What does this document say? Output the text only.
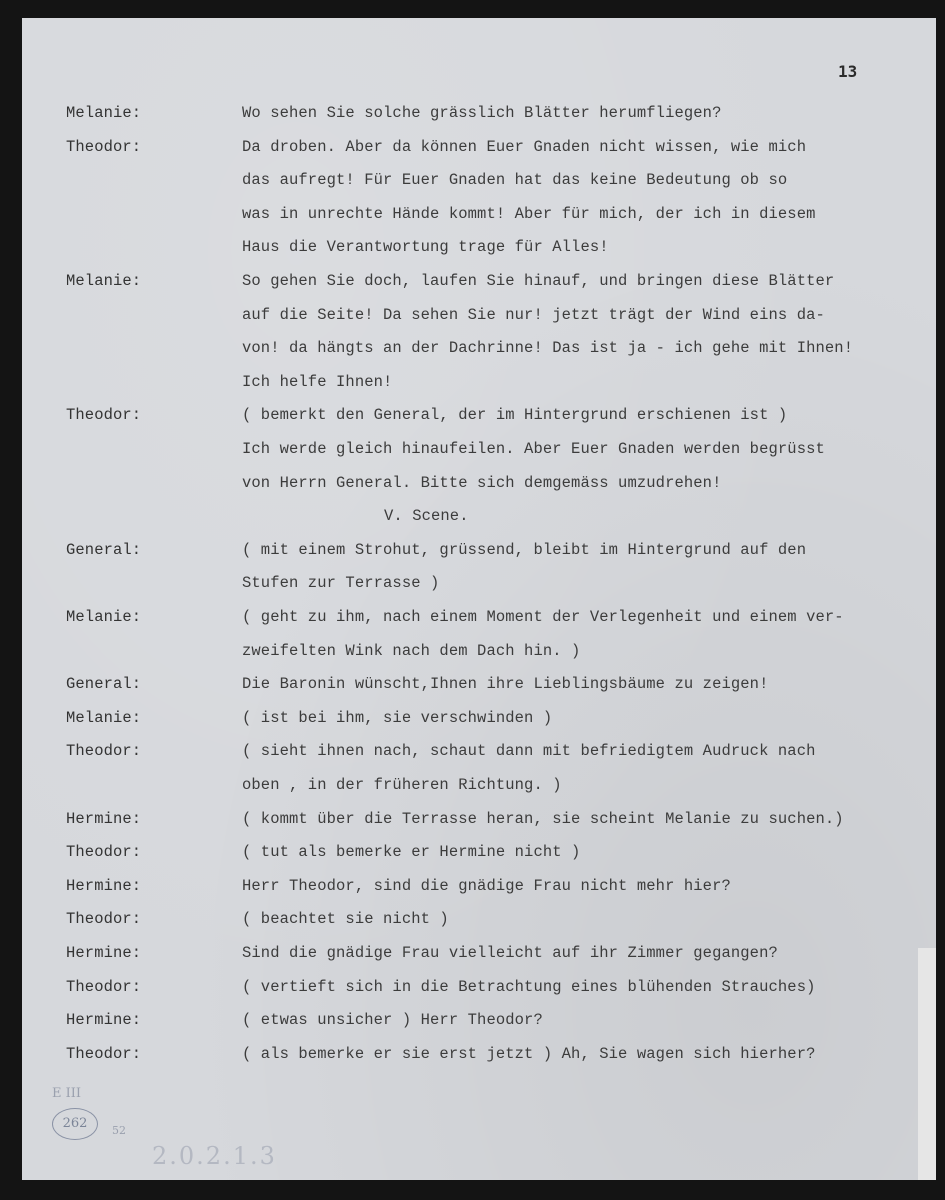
13
Melanie:	Wo sehen Sie solche grässlich Blätter herumfliegen?
Theodor:	Da droben. Aber da können Euer Gnaden nicht wissen, wie mich
das aufregt! Für Euer Gnaden hat das keine Bedeutung ob so
was in unrechte Hände kommt! Aber für mich, der ich in diesem
Haus die Verantwortung trage für Alles!
Melanie:	So gehen Sie doch, laufen Sie hinauf, und bringen diese Blätter
auf die Seite! Da sehen Sie nur! jetzt trägt der Wind eins da-
von! da hängts an der Dachrinne! Das ist ja - ich gehe mit Ihnen!
Ich helfe Ihnen!
Theodor:	( bemerkt den General, der im Hintergrund erschienen ist )
Ich werde gleich hinaufeilen. Aber Euer Gnaden werden begrüsst
von Herrn General. Bitte sich demgemäss umzudrehen!
V. Scene.
General:	( mit einem Strohut, grüssend, bleibt im Hintergrund auf den
Stufen zur Terrasse )
Melanie:	( geht zu ihm, nach einem Moment der Verlegenheit und einem ver-
zweifelten Wink nach dem Dach hin. )
General:	Die Baronin wünscht,Ihnen ihre Lieblingsbäume zu zeigen!
Melanie:	( ist bei ihm, sie verschwinden )
Theodor:	( sieht ihnen nach, schaut dann mit befriedigtem Audruck nach
oben , in der früheren Richtung. )
Hermine:	( kommt über die Terrasse heran, sie scheint Melanie zu suchen.)
Theodor:	( tut als bemerke er Hermine nicht )
Hermine:	Herr Theodor, sind die gnädige Frau nicht mehr hier?
Theodor:	( beachtet sie nicht )
Hermine:	Sind die gnädige Frau vielleicht auf ihr Zimmer gegangen?
Theodor:	( vertieft sich in die Betrachtung eines blühenden Strauches)
Hermine:	( etwas unsicher ) Herr Theodor?
Theodor:	( als bemerke er sie erst jetzt ) Ah, Sie wagen sich hierher?
E III
262	52
2.0.2.1.3
